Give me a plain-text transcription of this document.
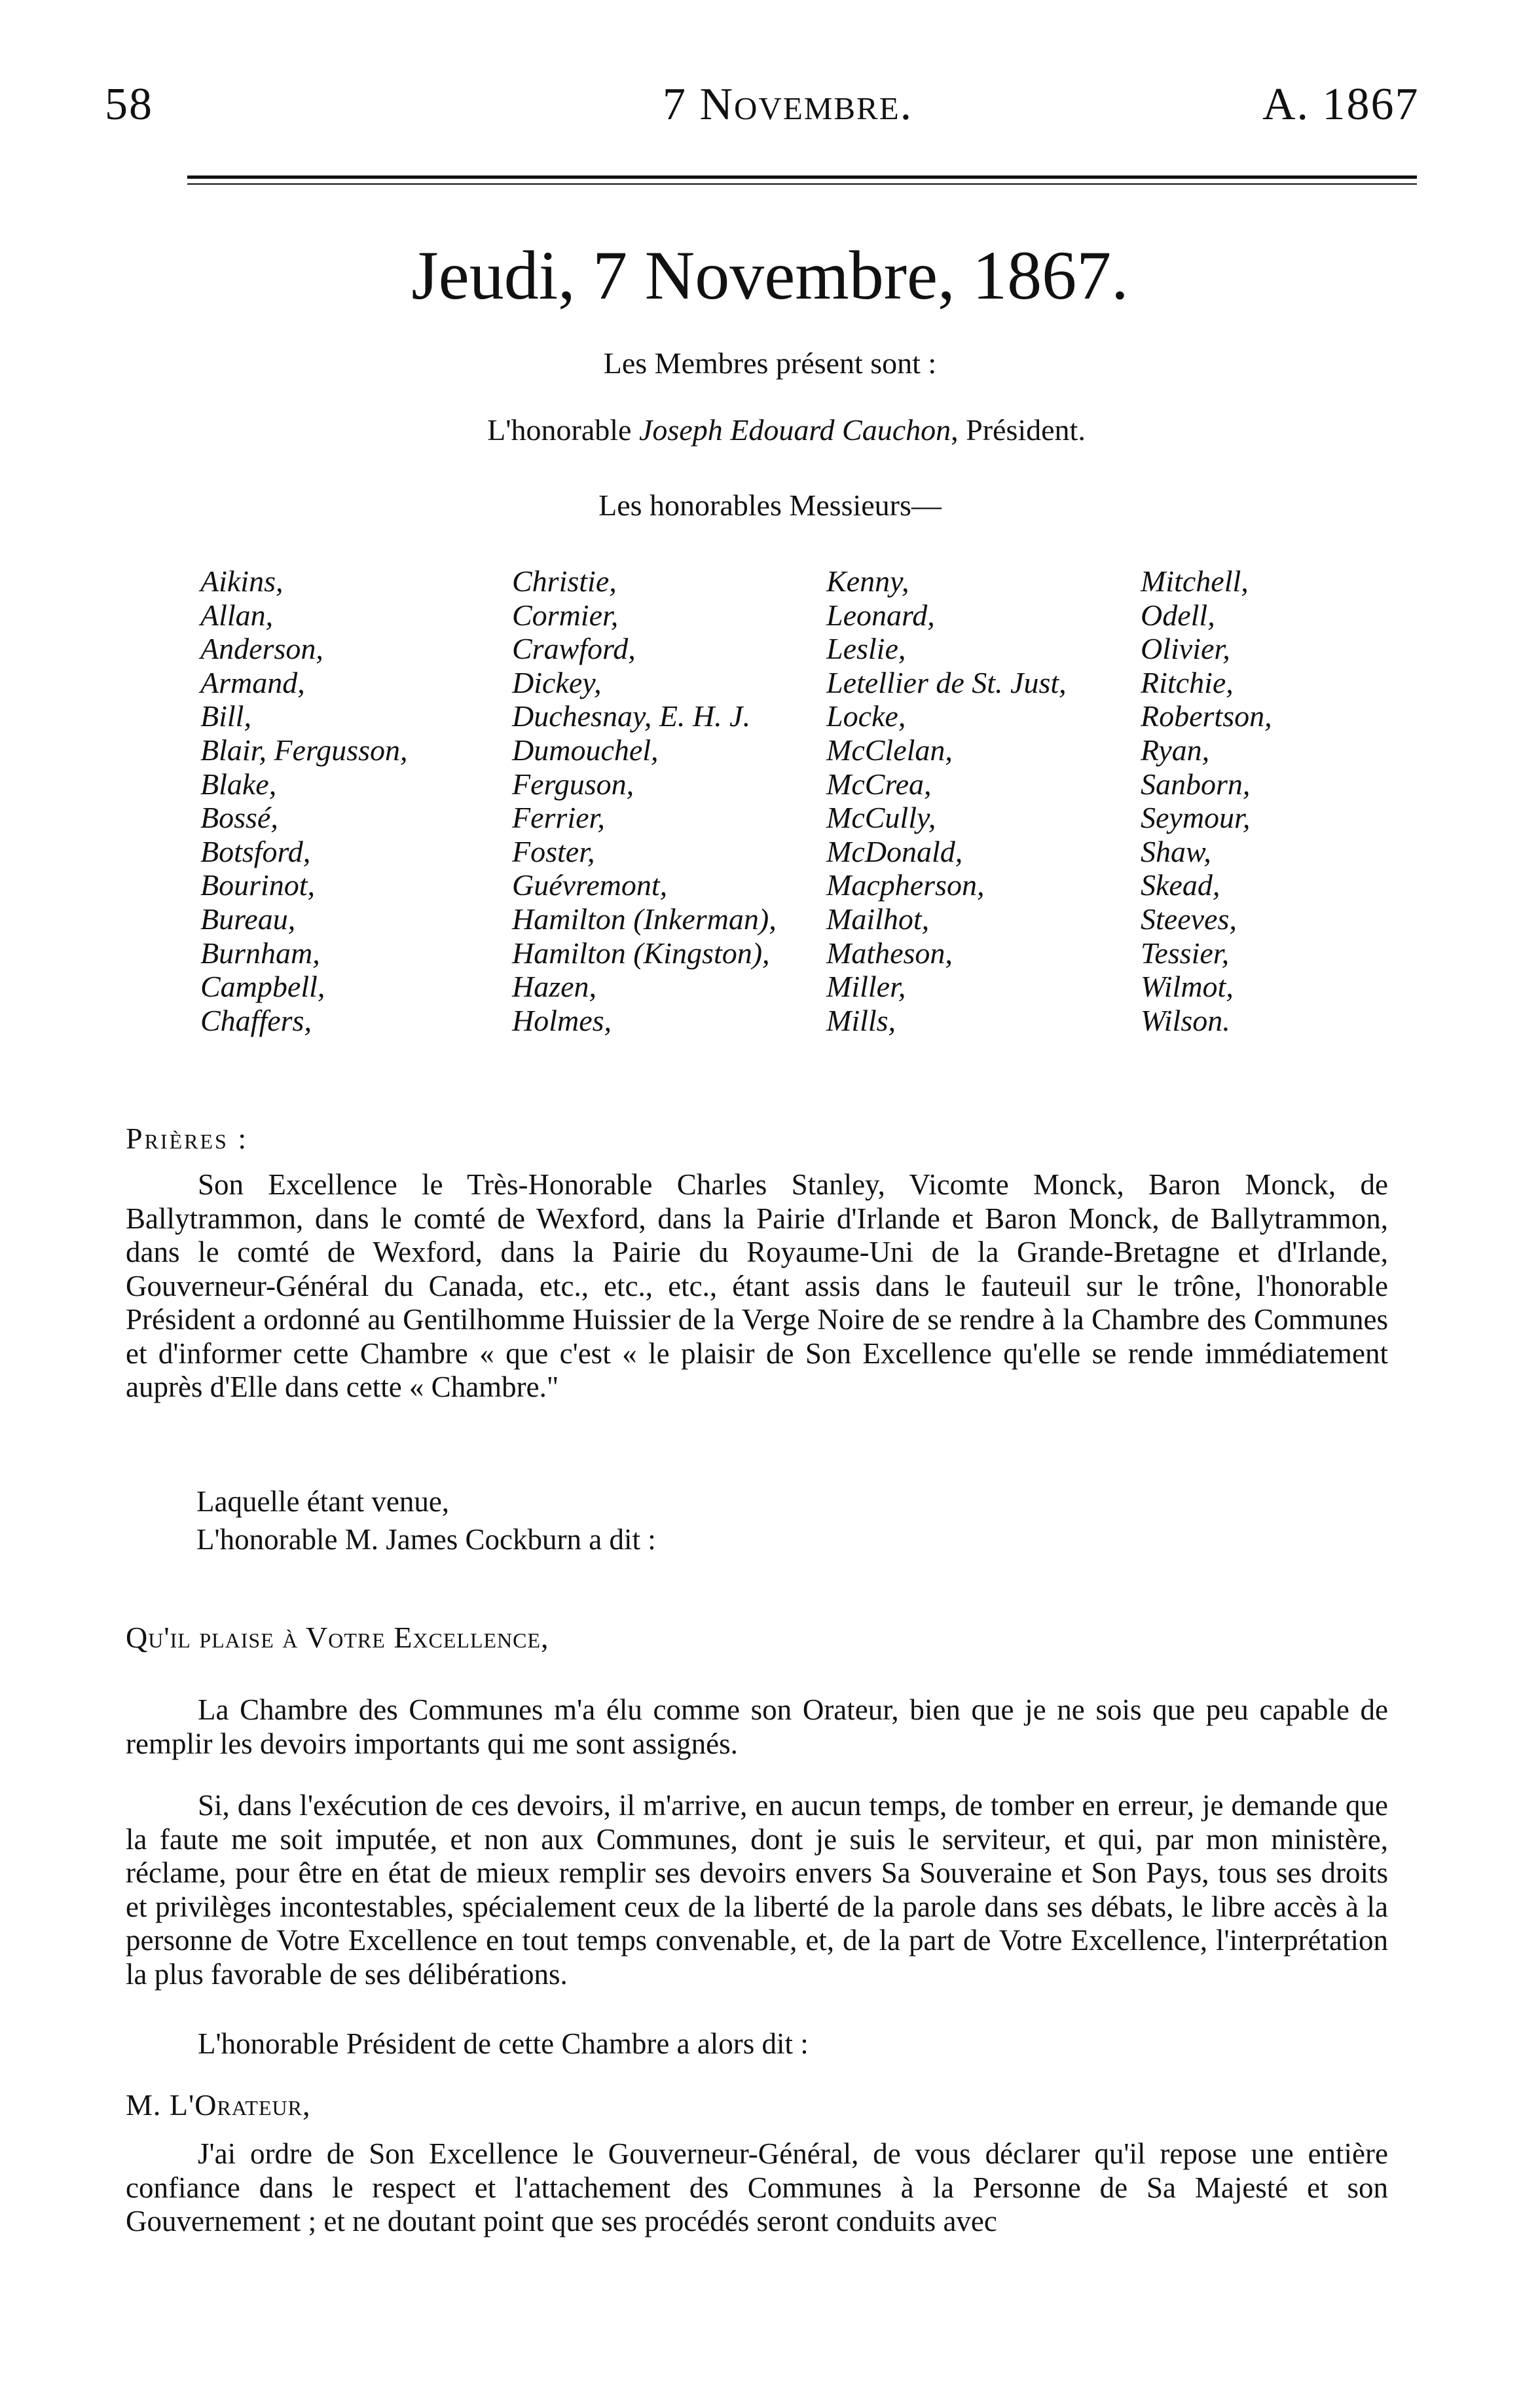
58	7 Novembre.	A. 1867
Jeudi, 7 Novembre, 1867.
Les Membres présent sont :
L'honorable Joseph Edouard Cauchon, Président.
Les honorables Messieurs—
Aikins,
Allan,
Anderson,
Armand,
Bill,
Blair, Fergusson,
Blake,
Bossé,
Botsford,
Bourinot,
Bureau,
Burnham,
Campbell,
Chaffers,
Christie,
Cormier,
Crawford,
Dickey,
Duchesnay, E. H. J.
Dumouchel,
Ferguson,
Ferrier,
Foster,
Guévremont,
Hamilton (Inkerman),
Hamilton (Kingston),
Hazen,
Holmes,
Kenny,
Leonard,
Leslie,
Letellier de St. Just,
Locke,
McClelan,
McCrea,
McCully,
McDonald,
Macpherson,
Mailhot,
Matheson,
Miller,
Mills,
Mitchell,
Odell,
Olivier,
Ritchie,
Robertson,
Ryan,
Sanborn,
Seymour,
Shaw,
Skead,
Steeves,
Tessier,
Wilmot,
Wilson.
Prières :

Son Excellence le Très-Honorable Charles Stanley, Vicomte Monck, Baron Monck, de Ballytrammon, dans le comté de Wexford, dans la Pairie d'Irlande et Baron Monck, de Ballytrammon, dans le comté de Wexford, dans la Pairie du Royaume-Uni de la Grande-Bretagne et d'Irlande, Gouverneur-Général du Canada, etc., etc., etc., étant assis dans le fauteuil sur le trône, l'honorable Président a ordonné au Gentilhomme Huissier de la Verge Noire de se rendre à la Chambre des Communes et d'informer cette Chambre « que c'est « le plaisir de Son Excellence qu'elle se rende immédiatement auprès d'Elle dans cette « Chambre."

Laquelle étant venue,
L'honorable M. James Cockburn a dit :
Qu'il plaise à Votre Excellence,

La Chambre des Communes m'a élu comme son Orateur, bien que je ne sois que peu capable de remplir les devoirs importants qui me sont assignés.

Si, dans l'exécution de ces devoirs, il m'arrive, en aucun temps, de tomber en erreur, je demande que la faute me soit imputée, et non aux Communes, dont je suis le serviteur, et qui, par mon ministère, réclame, pour être en état de mieux remplir ses devoirs envers Sa Souveraine et Son Pays, tous ses droits et privilèges incontestables, spécialement ceux de la liberté de la parole dans ses débats, le libre accès à la personne de Votre Excellence en tout temps convenable, et, de la part de Votre Excellence, l'interprétation la plus favorable de ses délibérations.

L'honorable Président de cette Chambre a alors dit :

M. L'Orateur,

J'ai ordre de Son Excellence le Gouverneur-Général, de vous déclarer qu'il repose une entière confiance dans le respect et l'attachement des Communes à la Personne de Sa Majesté et son Gouvernement ; et ne doutant point que ses procédés seront conduits avec
